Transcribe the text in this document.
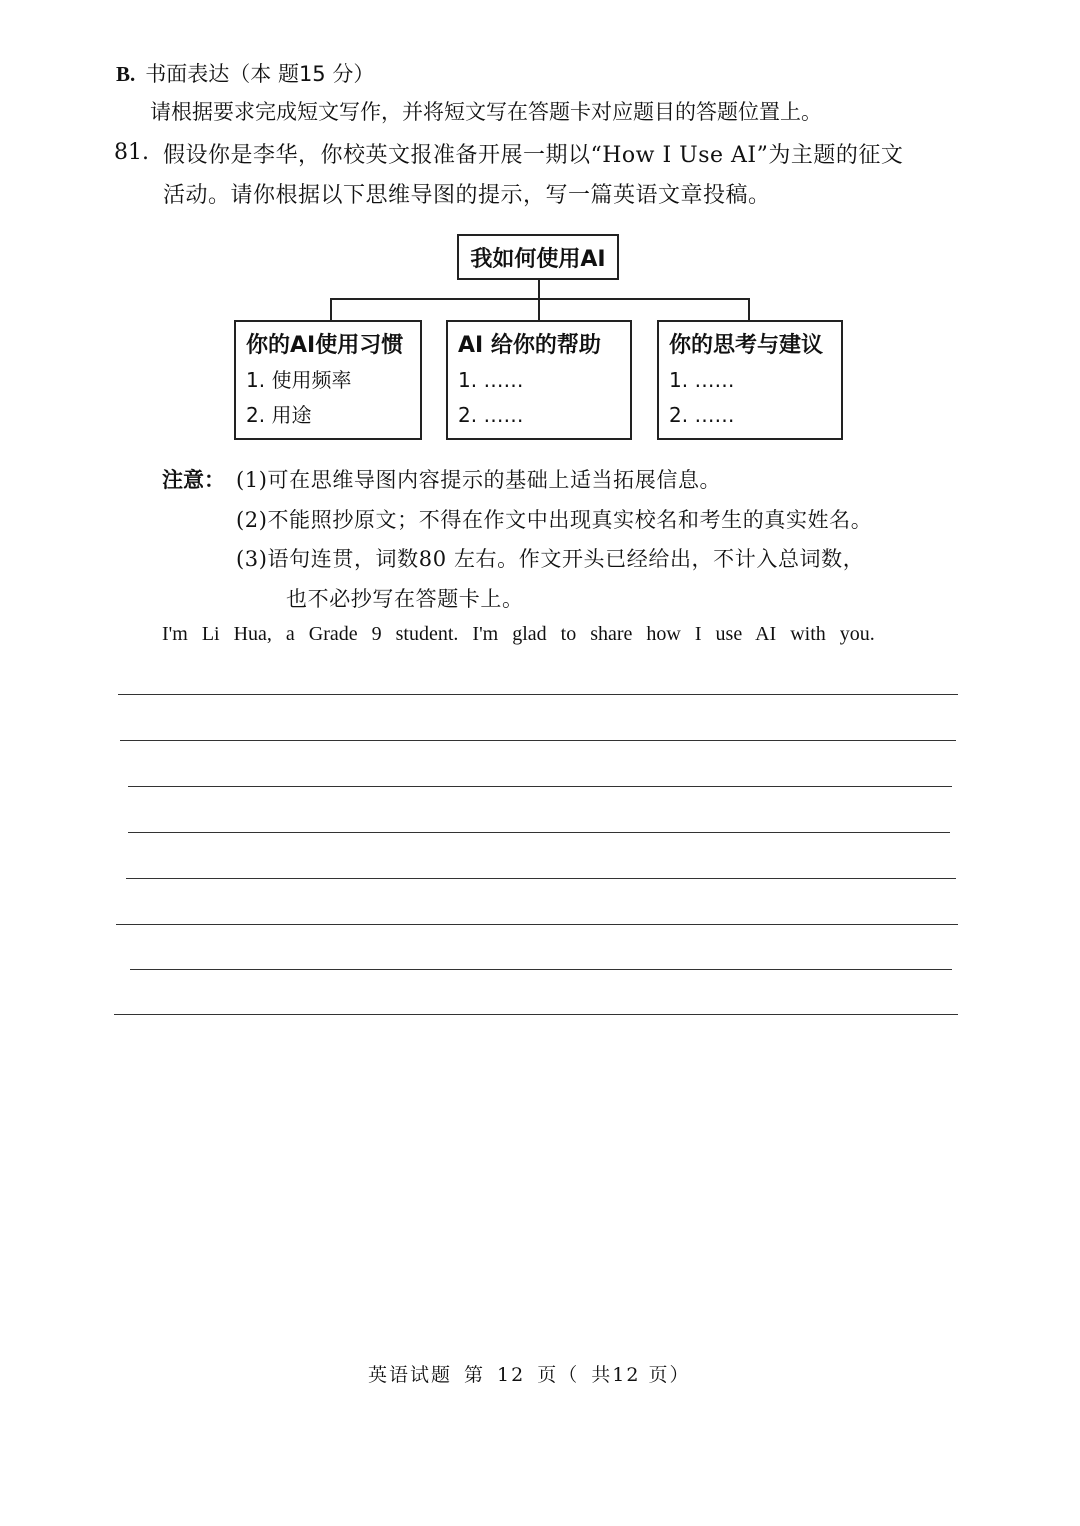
B. 书面表达（本 题15 分）
请根据要求完成短文写作，并将短文写在答题卡对应题目的答题位置上。
81. 假设你是李华，你校英文报准备开展一期以“How I Use AI”为主题的征文
活动。请你根据以下思维导图的提示，写一篇英语文章投稿。
我如何使用AI
你的AI使用习惯
1. 使用频率
2. 用途
AI 给你的帮助
1. ……
2. ……
你的思考与建议
1. ……
2. ……
注意： (1)可在思维导图内容提示的基础上适当拓展信息。
(2)不能照抄原文；不得在作文中出现真实校名和考生的真实姓名。
(3)语句连贯，词数80 左右。作文开头已经给出，不计入总词数，
也不必抄写在答题卡上。
I'm Li Hua, a Grade 9 student. I'm glad to share how I use AI with you.
英语试题 第 12 页（ 共12 页）
